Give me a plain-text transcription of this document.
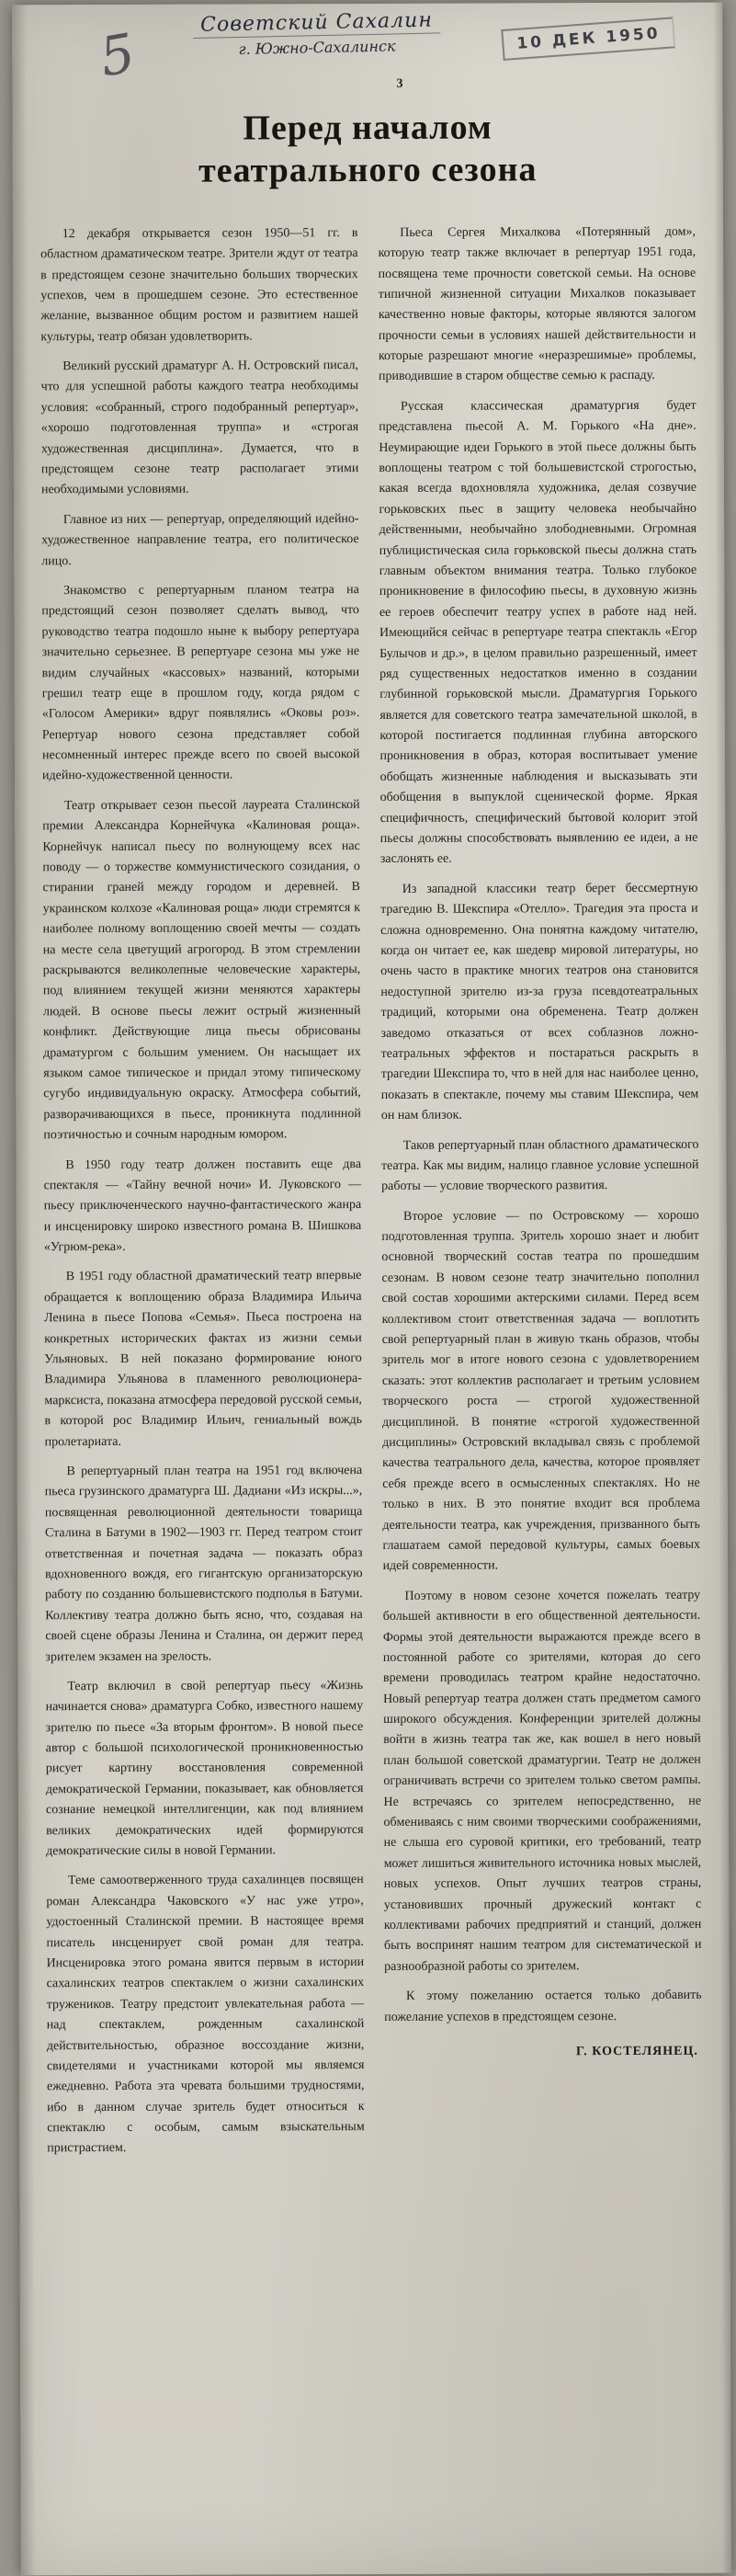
5	Советский Сахалин
г. Южно-Сахалинск	10 ДЕК 1950
3
Перед началом
театрального сезона

12 декабря открывается сезон 1950—51 гг. в областном драматическом театре. Зрители ждут от театра в предстоящем сезоне значительно больших творческих успехов, чем в прошедшем сезоне. Это естественное желание, вызванное общим ростом и развитием нашей культуры, театр обязан удовлетворить.

Великий русский драматург А. Н. Островский писал, что для успешной работы каждого театра необходимы условия: «собранный, строго подобранный репертуар», «хорошо подготовленная труппа» и «строгая художественная дисциплина». Думается, что в предстоящем сезоне театр располагает этими необходимыми условиями.

Главное из них — репертуар, определяющий идейно-художественное направление театра, его политическое лицо.

Знакомство с репертуарным планом театра на предстоящий сезон позволяет сделать вывод, что руководство театра подошло ныне к выбору репертуара значительно серьезнее. В репертуаре сезона мы уже не видим случайных «кассовых» названий, которыми грешил театр еще в прошлом году, когда рядом с «Голосом Америки» вдруг появлялись «Оковы роз». Репертуар нового сезона представляет собой несомненный интерес прежде всего по своей высокой идейно-художественной ценности.

Театр открывает сезон пьесой лауреата Сталинской премии Александра Корнейчука «Калиновая роща». Корнейчук написал пьесу по волнующему всех нас поводу — о торжестве коммунистического созидания, о стирании граней между городом и деревней. В украинском колхозе «Калиновая роща» люди стремятся к наиболее полному воплощению своей мечты — создать на месте села цветущий агрогород. В этом стремлении раскрываются великолепные человеческие характеры, под влиянием текущей жизни меняются характеры людей. В основе пьесы лежит острый жизненный конфликт. Действующие лица пьесы обрисованы драматургом с большим умением. Он насыщает их языком самое типическое и придал этому типическому сугубо индивидуальную окраску. Атмосфера событий, разворачивающихся в пьесе, проникнута подлинной поэтичностью и сочным народным юмором.

В 1950 году театр должен поставить еще два спектакля — «Тайну вечной ночи» И. Луковского — пьесу приключенческого научно-фантастического жанра и инсценировку широко известного романа В. Шишкова «Угрюм-река».

В 1951 году областной драматический театр впервые обращается к воплощению образа Владимира Ильича Ленина в пьесе Попова «Семья». Пьеса построена на конкретных исторических фактах из жизни семьи Ульяновых. В ней показано формирование юного Владимира Ульянова в пламенного революционера-марксиста, показана атмосфера передовой русской семьи, в которой рос Владимир Ильич, гениальный вождь пролетариата.

В репертуарный план театра на 1951 год включена пьеса грузинского драматурга Ш. Дадиани «Из искры...», посвященная революционной деятельности товарища Сталина в Батуми в 1902—1903 гг. Перед театром стоит ответственная и почетная задача — показать образ вдохновенного вождя, его гигантскую организаторскую работу по созданию большевистского подполья в Батуми. Коллективу театра должно быть ясно, что, создавая на своей сцене образы Ленина и Сталина, он держит перед зрителем экзамен на зрелость.

Театр включил в свой репертуар пьесу «Жизнь начинается снова» драматурга Собко, известного нашему зрителю по пьесе «За вторым фронтом». В новой пьесе автор с большой психологической проникновенностью рисует картину восстановления современной демократической Германии, показывает, как обновляется сознание немецкой интеллигенции, как под влиянием великих демократических идей формируются демократические силы в новой Германии.

Теме самоотверженного труда сахалинцев посвящен роман Александра Чаковского «У нас уже утро», удостоенный Сталинской премии. В настоящее время писатель инсценирует свой роман для театра. Инсценировка этого романа явится первым в истории сахалинских театров спектаклем о жизни сахалинских тружеников. Театру предстоит увлекательная работа — над спектаклем, рожденным сахалинской действительностью, образное воссоздание жизни, свидетелями и участниками которой мы являемся ежедневно. Работа эта чревата большими трудностями, ибо в данном случае зритель будет относиться к спектаклю с особым, самым взыскательным пристрастием.

Пьеса Сергея Михалкова «Потерянный дом», которую театр также включает в репертуар 1951 года, посвящена теме прочности советской семьи. На основе типичной жизненной ситуации Михалков показывает качественно новые факторы, которые являются залогом прочности семьи в условиях нашей действительности и которые разрешают многие «неразрешимые» проблемы, приводившие в старом обществе семью к распаду.

Русская классическая драматургия будет представлена пьесой А. М. Горького «На дне». Неумирающие идеи Горького в этой пьесе должны быть воплощены театром с той большевистской строгостью, какая всегда вдохновляла художника, делая созвучие горьковских пьес в защиту человека необычайно действенными, необычайно злободневными. Огромная публицистическая сила горьковской пьесы должна стать главным объектом внимания театра. Только глубокое проникновение в философию пьесы, в духовную жизнь ее героев обеспечит театру успех в работе над ней. Имеющийся сейчас в репертуаре театра спектакль «Егор Булычов и др.», в целом правильно разрешенный, имеет ряд существенных недостатков именно в создании глубинной горьковской мысли. Драматургия Горького является для советского театра замечательной школой, в которой постигается подлинная глубина авторского проникновения в образ, которая воспитывает умение обобщать жизненные наблюдения и высказывать эти обобщения в выпуклой сценической форме. Яркая специфичность, специфический бытовой колорит этой пьесы должны способствовать выявлению ее идеи, а не заслонять ее.

Из западной классики театр берет бессмертную трагедию В. Шекспира «Отелло». Трагедия эта проста и сложна одновременно. Она понятна каждому читателю, когда он читает ее, как шедевр мировой литературы, но очень часто в практике многих театров она становится недоступной зрителю из-за груза псевдотеатральных традиций, которыми она обременена. Театр должен заведомо отказаться от всех соблазнов ложно-театральных эффектов и постараться раскрыть в трагедии Шекспира то, что в ней для нас наиболее ценно, показать в спектакле, почему мы ставим Шекспира, чем он нам близок.

Таков репертуарный план областного драматического театра. Как мы видим, налицо главное условие успешной работы — условие творческого развития.

Второе условие — по Островскому — хорошо подготовленная труппа. Зритель хорошо знает и любит основной творческий состав театра по прошедшим сезонам. В новом сезоне театр значительно пополнил свой состав хорошими актерскими силами. Перед всем коллективом стоит ответственная задача — воплотить свой репертуарный план в живую ткань образов, чтобы зритель мог в итоге нового сезона с удовлетворением сказать: этот коллектив располагает и третьим условием творческого роста — строгой художественной дисциплиной. В понятие «строгой художественной дисциплины» Островский вкладывал связь с проблемой качества театрального дела, качества, которое проявляет себя прежде всего в осмысленных спектаклях. Но не только в них. В это понятие входит вся проблема деятельности театра, как учреждения, призванного быть глашатаем самой передовой культуры, самых боевых идей современности.

Поэтому в новом сезоне хочется пожелать театру большей активности в его общественной деятельности. Формы этой деятельности выражаются прежде всего в постоянной работе со зрителями, которая до сего времени проводилась театром крайне недостаточно. Новый репертуар театра должен стать предметом самого широкого обсуждения. Конференции зрителей должны войти в жизнь театра так же, как вошел в него новый план большой советской драматургии. Театр не должен ограничивать встречи со зрителем только светом рампы. Не встречаясь со зрителем непосредственно, не обмениваясь с ним своими творческими соображениями, не слыша его суровой критики, его требований, театр может лишиться живительного источника новых мыслей, новых успехов. Опыт лучших театров страны, установивших прочный дружеский контакт с коллективами рабочих предприятий и станций, должен быть воспринят нашим театром для систематической и разнообразной работы со зрителем.

К этому пожеланию остается только добавить пожелание успехов в предстоящем сезоне.

Г. КОСТЕЛЯНЕЦ.
